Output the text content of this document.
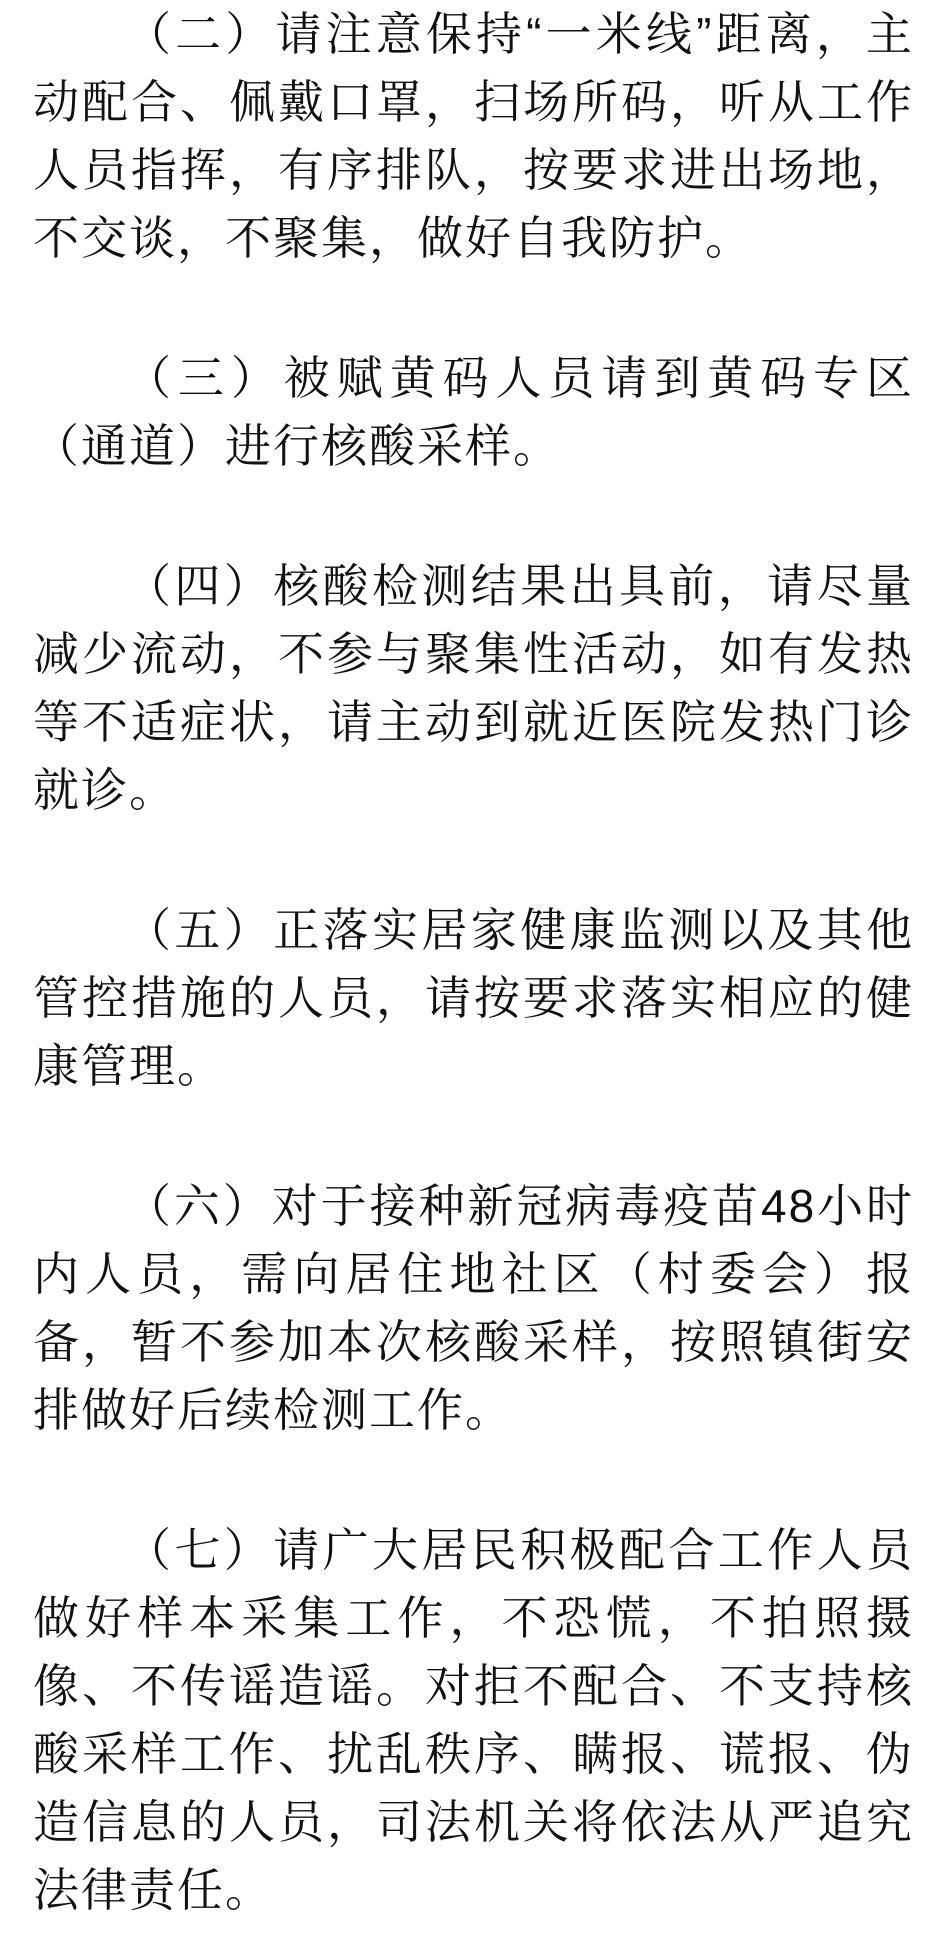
（二）请注意保持“一米线”距离，主动配合、佩戴口罩，扫场所码，听从工作人员指挥，有序排队，按要求进出场地，不交谈，不聚集，做好自我防护。

（三）被赋黄码人员请到黄码专区（通道）进行核酸采样。

（四）核酸检测结果出具前，请尽量减少流动，不参与聚集性活动，如有发热等不适症状，请主动到就近医院发热门诊就诊。

（五）正落实居家健康监测以及其他管控措施的人员，请按要求落实相应的健康管理。

（六）对于接种新冠病毒疫苗48小时内人员，需向居住地社区（村委会）报备，暂不参加本次核酸采样，按照镇街安排做好后续检测工作。

（七）请广大居民积极配合工作人员做好样本采集工作，不恐慌，不拍照摄像、不传谣造谣。对拒不配合、不支持核酸采样工作、扰乱秩序、瞒报、谎报、伪造信息的人员，司法机关将依法从严追究法律责任。
